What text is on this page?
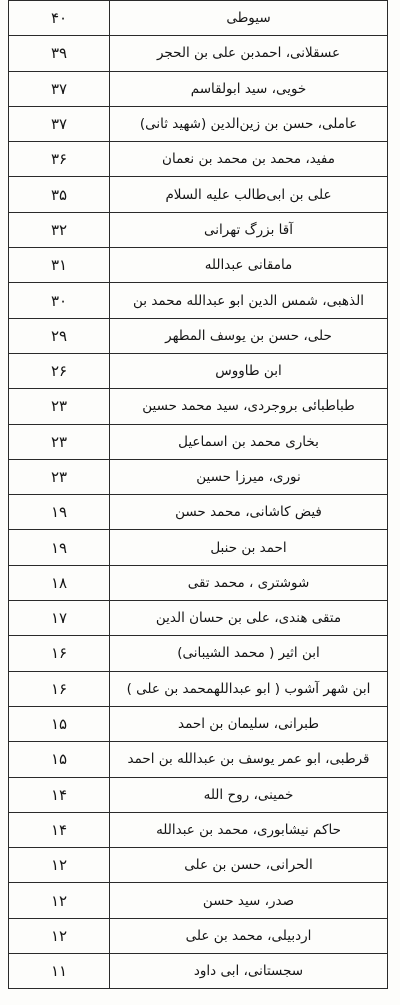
سیوطی	۴۰
عسقلانی، احمدبن علی بن الحجر	۳۹
خویی، سید ابولقاسم	۳۷
عاملی، حسن بن زین‌الدین (شهید ثانی)	۳۷
مفید، محمد بن محمد بن نعمان	۳۶
علی بن ابی‌طالب علیه السلام	۳۵
آقا بزرگ تهرانی	۳۲
مامقانی عبدالله	۳۱
الذهبی، شمس الدین ابو عبدالله محمد بن	۳۰
حلی، حسن بن یوسف المطهر	۲۹
ابن طاووس	۲۶
طباطبائی بروجردی، سید محمد حسین	۲۳
بخاری محمد بن اسماعیل	۲۳
نوری، میرزا حسین	۲۳
فیض کاشانی، محمد حسن	۱۹
احمد بن حنبل	۱۹
شوشتری ، محمد تقی	۱۸
متقی هندی، علی بن حسان الدین	۱۷
ابن اثیر ( محمد الشیبانی)	۱۶
ابن شهر آشوب ( ابو عبداللهمحمد بن علی )	۱۶
طبرانی، سلیمان بن احمد	۱۵
قرطبی، ابو عمر یوسف بن عبدالله بن احمد	۱۵
خمینی، روح الله	۱۴
حاکم نیشابوری، محمد بن عبدالله	۱۴
الحرانی، حسن بن علی	۱۲
صدر، سید حسن	۱۲
اردبیلی، محمد بن علی	۱۲
سجستانی، ابی داود	۱۱
